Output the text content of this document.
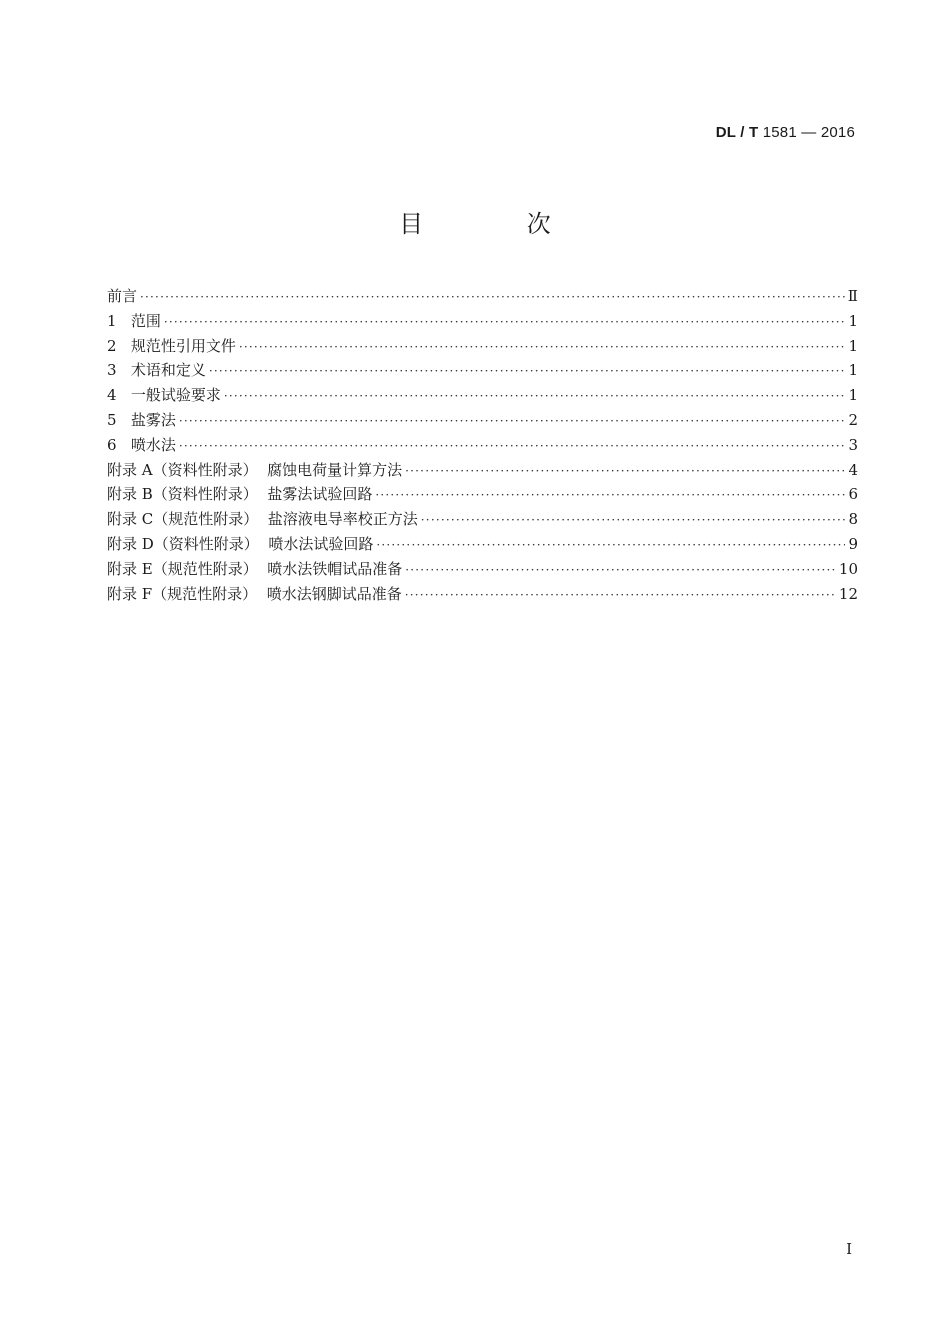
DL / T 1581 — 2016
目 次
前言 ·····	Ⅱ
1   范围 ·····	1
2   规范性引用文件 ·····	1
3   术语和定义 ·····	1
4   一般试验要求 ·····	1
5   盐雾法 ·····	2
6   喷水法 ·····	3
附录 A（资料性附录）  腐蚀电荷量计算方法 ·····	4
附录 B（资料性附录）  盐雾法试验回路 ·····	6
附录 C（规范性附录）  盐溶液电导率校正方法 ·····	8
附录 D（资料性附录）  喷水法试验回路 ·····	9
附录 E（规范性附录）  喷水法铁帽试品准备 ·····	10
附录 F（规范性附录）  喷水法钢脚试品准备 ·····	12
I
